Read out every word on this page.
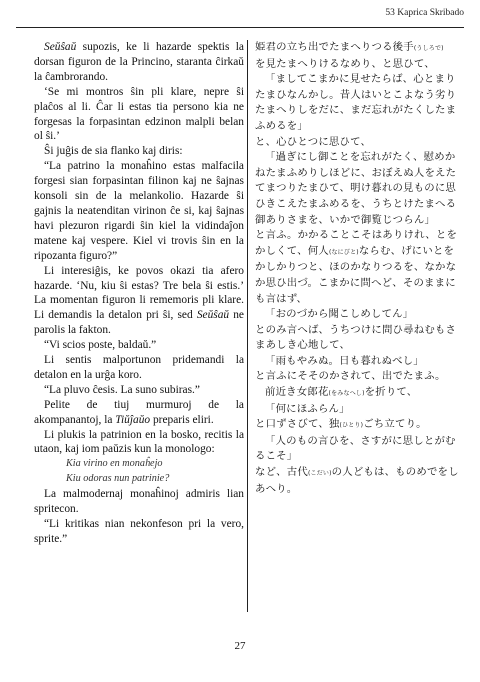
53 Kaprica Skribado

Seŭŝaŭ supozis, ke li hazarde spektis la dorsan figuron de la Princino, staranta ĉirkaŭ la ĉambrorando.

‘Se mi montros ŝin pli klare, nepre ŝi plaĉos al li. Ĉar li estas tia persono kia ne forgesas la forpasintan edzinon malpli belan ol ŝi.’

Ŝi juĝis de sia flanko kaj diris:

“La patrino la monaĥino estas malfacila forgesi sian forpasintan filinon kaj ne ŝajnas konsoli sin de la melankolio. Hazarde ŝi gajnis la neatenditan virinon ĉe si, kaj ŝajnas havi plezuron rigardi ŝin kiel la vidindaĵon matene kaj vespere. Kiel vi trovis ŝin en la ripozanta figuro?”

Li interesiĝis, ke povos okazi tia afero hazarde. ‘Nu, kiu ŝi estas? Tre bela ŝi estis.’ La momentan figuron li rememoris pli klare. Li demandis la detalon pri ŝi, sed Seŭŝaŭ ne parolis la fakton.

“Vi scios poste, baldaŭ.”

Li sentis malportunon pridemandi la detalon en la urĝa koro.

“La pluvo ĉesis. La suno subiras.”

Pelite de tiuj murmuroj de la akompanantoj, la Tiŭĵaŭo preparis eliri.

Li plukis la patrinion en la bosko, recitis la utaon, kaj iom paŭzis kun la monologo:

Kia virino en monaĥejo

Kiu odoras nun patrinie?

La malmodernaj monaĥinoj admiris lian spritecon.

“Li kritikas nian nekonfeson pri la vero, sprite.”

姫君の立ち出でたまへりつる後手(うしろで)

を見たまへりけるなめり、と思ひて、

「ましてこまかに見せたらば、心とまりたまひなんかし。昔人はいとこよなう劣りたまへりしをだに、まだ忘れがたくしたまふめるを」

と、心ひとつに思ひて、

「過ぎにし御ことを忘れがたく、慰めかねたまふめりしほどに、おぼえぬ人をえたてまつりたまひて、明け暮れの見ものに思ひきこえたまふめるを、うちとけたまへる御ありさまを、いかで御覧じつらん」

と言ふ。かかることこそはありけれ、とをかしくて、何人(なにびと)ならむ、げにいとをかしかりつと、ほのかなりつるを、なかなか思ひ出づ。こまかに問へど、そのままにも言はず、

「おのづから聞こしめしてん」

とのみ言へば、うちつけに問ひ尋ねむもさまあしき心地して、

「雨もやみぬ。日も暮れぬべし」

と言ふにそそのかされて、出でたまふ。

前近き女郎花(をみなへし)を折りて、

「何にほふらん」

と口ずさびて、独(ひとり)ごち立てり。

「人のもの言ひを、さすがに思しとがむるこそ」

など、古代(こだい)の人どもは、ものめでをしあへり。

27
